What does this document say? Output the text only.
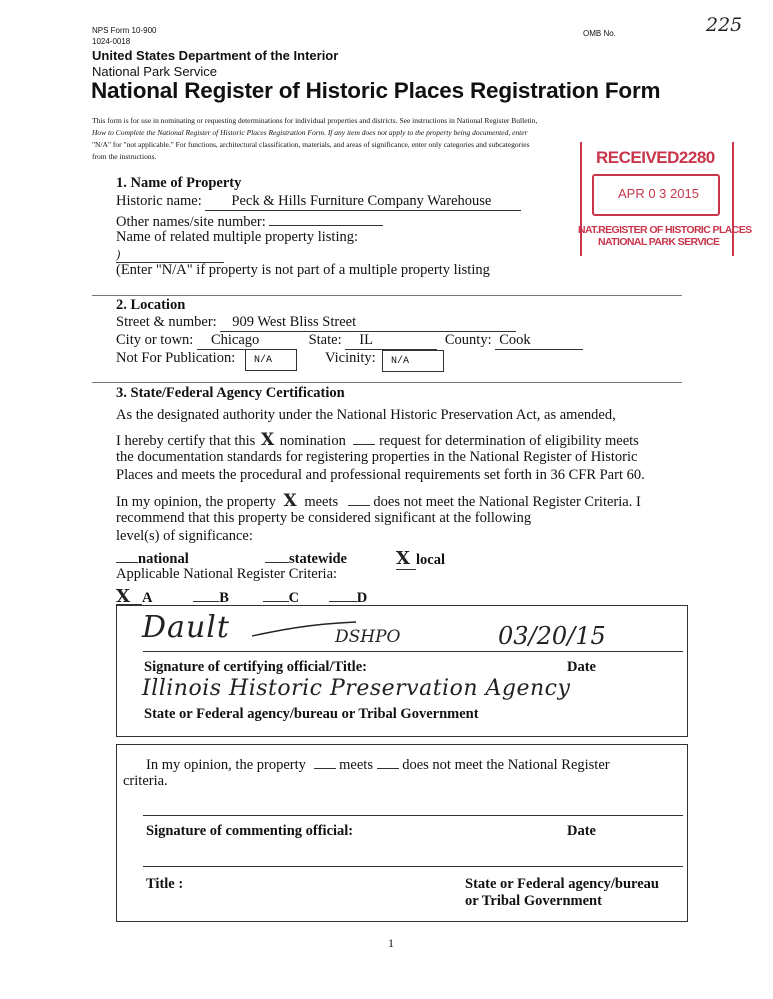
NPS Form 10-900
1024-0018
OMB No.	225
United States Department of the Interior
National Park Service
National Register of Historic Places Registration Form
This form is for use in nominating or requesting determinations for individual properties and districts. See instructions in National Register Bulletin,
How to Complete the National Register of Historic Places Registration Form. If any item does not apply to the property being documented, enter
"N/A" for "not applicable." For functions, architectural classification, materials, and areas of significance, enter only categories and subcategories
from the instructions.	RECEIVED2280
APR 0 3 2015
NAT.REGISTER OF HISTORIC PLACES
NATIONAL PARK SERVICE
1. Name of Property
Historic name: Peck & Hills Furniture Company Warehouse
Other names/site number:
Name of related multiple property listing:
)
(Enter "N/A" if property is not part of a multiple property listing
2. Location
Street & number: 909 West Bliss Street
City or town: Chicago	State: IL	County: Cook
Not For Publication:	N/A	Vicinity:	N/A
3. State/Federal Agency Certification
As the designated authority under the National Historic Preservation Act, as amended,
I hereby certify that this X nomination request for determination of eligibility meets
the documentation standards for registering properties in the National Register of Historic
Places and meets the procedural and professional requirements set forth in 36 CFR Part 60.
In my opinion, the property X meets does not meet the National Register Criteria. I
recommend that this property be considered significant at the following
level(s) of significance:
national	statewide	X local
Applicable National Register Criteria:
X A	B	C	D
Dault	DSHPO	03/20/15
Signature of certifying official/Title:	Date
Illinois Historic Preservation Agency
State or Federal agency/bureau or Tribal Government
In my opinion, the property meets does not meet the National Register
criteria.
Signature of commenting official:	Date
Title :	State or Federal agency/bureau
or Tribal Government
1
